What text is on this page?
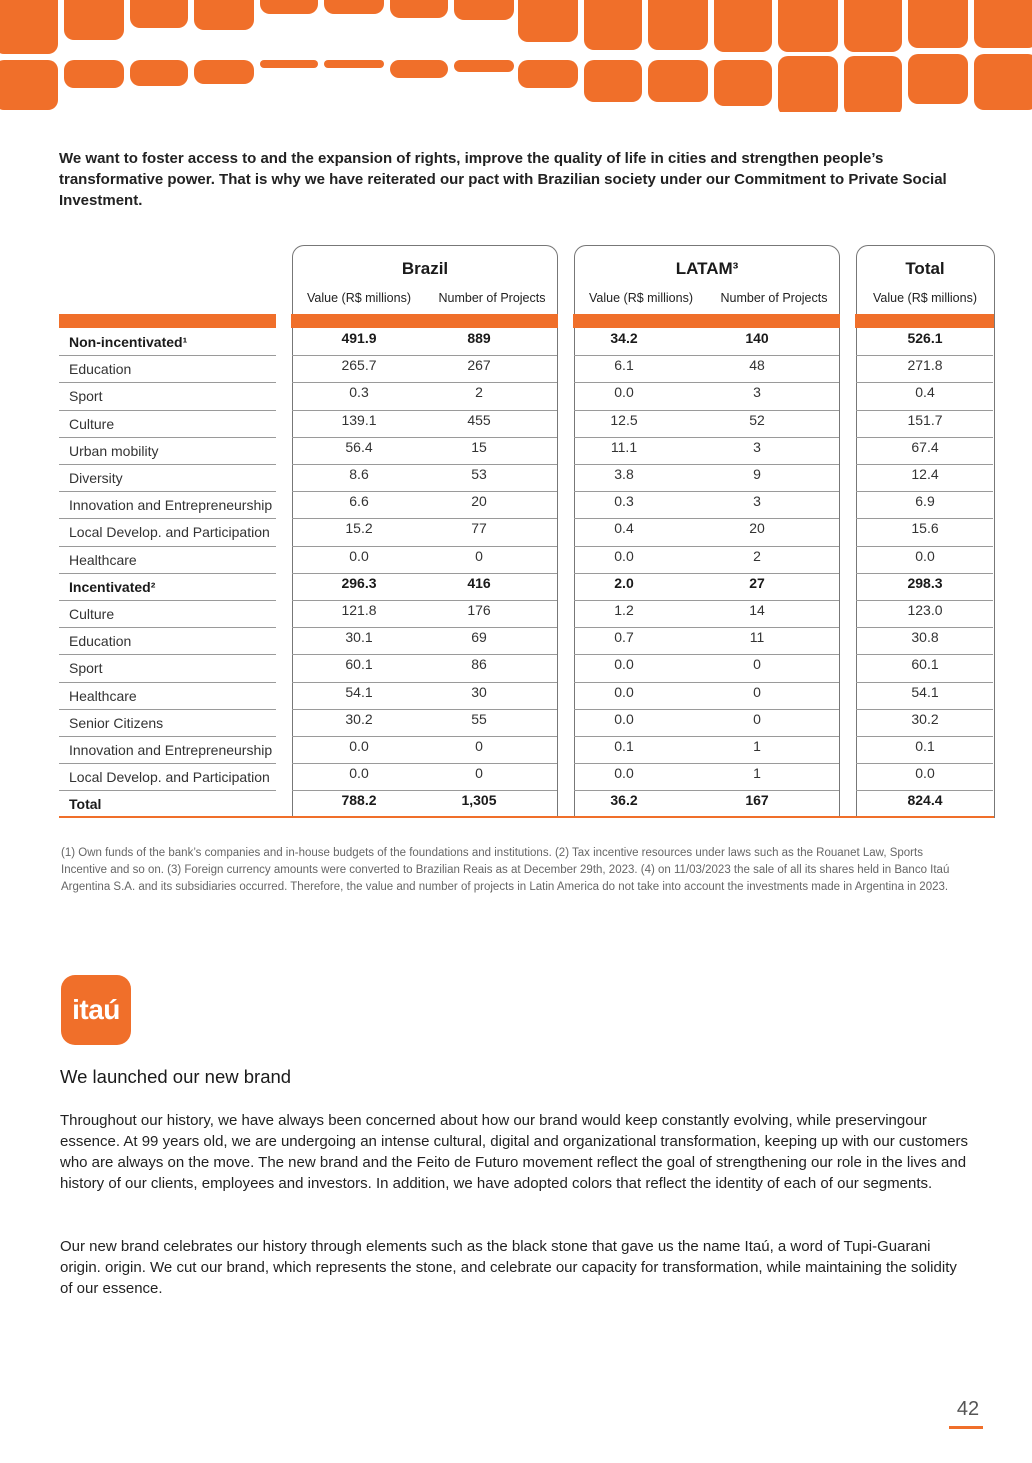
We want to foster access to and the expansion of rights, improve the quality of life in cities and strengthen people’s transformative power. That is why we have reiterated our pact with Brazilian society under our Commitment to Private Social Investment.

Brazil	LATAM³	Total
Value (R$ millions)	Number of Projects	Value (R$ millions)	Number of Projects	Value (R$ millions)
Non-incentivated¹	491.9	889	34.2	140	526.1
Education	265.7	267	6.1	48	271.8
Sport	0.3	2	0.0	3	0.4
Culture	139.1	455	12.5	52	151.7
Urban mobility	56.4	15	11.1	3	67.4
Diversity	8.6	53	3.8	9	12.4
Innovation and Entrepreneurship	6.6	20	0.3	3	6.9
Local Develop. and Participation	15.2	77	0.4	20	15.6
Healthcare	0.0	0	0.0	2	0.0
Incentivated²	296.3	416	2.0	27	298.3
Culture	121.8	176	1.2	14	123.0
Education	30.1	69	0.7	11	30.8
Sport	60.1	86	0.0	0	60.1
Healthcare	54.1	30	0.0	0	54.1
Senior Citizens	30.2	55	0.0	0	30.2
Innovation and Entrepreneurship	0.0	0	0.1	1	0.1
Local Develop. and Participation	0.0	0	0.0	1	0.0
Total	788.2	1,305	36.2	167	824.4

(1) Own funds of the bank’s companies and in-house budgets of the foundations and institutions. (2) Tax incentive resources under laws such as the Rouanet Law, Sports Incentive and so on. (3) Foreign currency amounts were converted to Brazilian Reais as at December 29th, 2023. (4) on 11/03/2023 the sale of all its shares held in Banco Itaú Argentina S.A. and its subsidiaries occurred. Therefore, the value and number of projects in Latin America do not take into account the investments made in Argentina in 2023.

itaú
We launched our new brand

Throughout our history, we have always been concerned about how our brand would keep constantly evolving, while preservingour essence. At 99 years old, we are undergoing an intense cultural, digital and organizational transformation, keeping up with our customers who are always on the move. The new brand and the Feito de Futuro movement reflect the goal of strengthening our role in the lives and history of our clients, employees and investors. In addition, we have adopted colors that reflect the identity of each of our segments.

Our new brand celebrates our history through elements such as the black stone that gave us the name Itaú, a word of Tupi-Guarani origin. origin. We cut our brand, which represents the stone, and celebrate our capacity for transformation, while maintaining the solidity of our essence.

42
